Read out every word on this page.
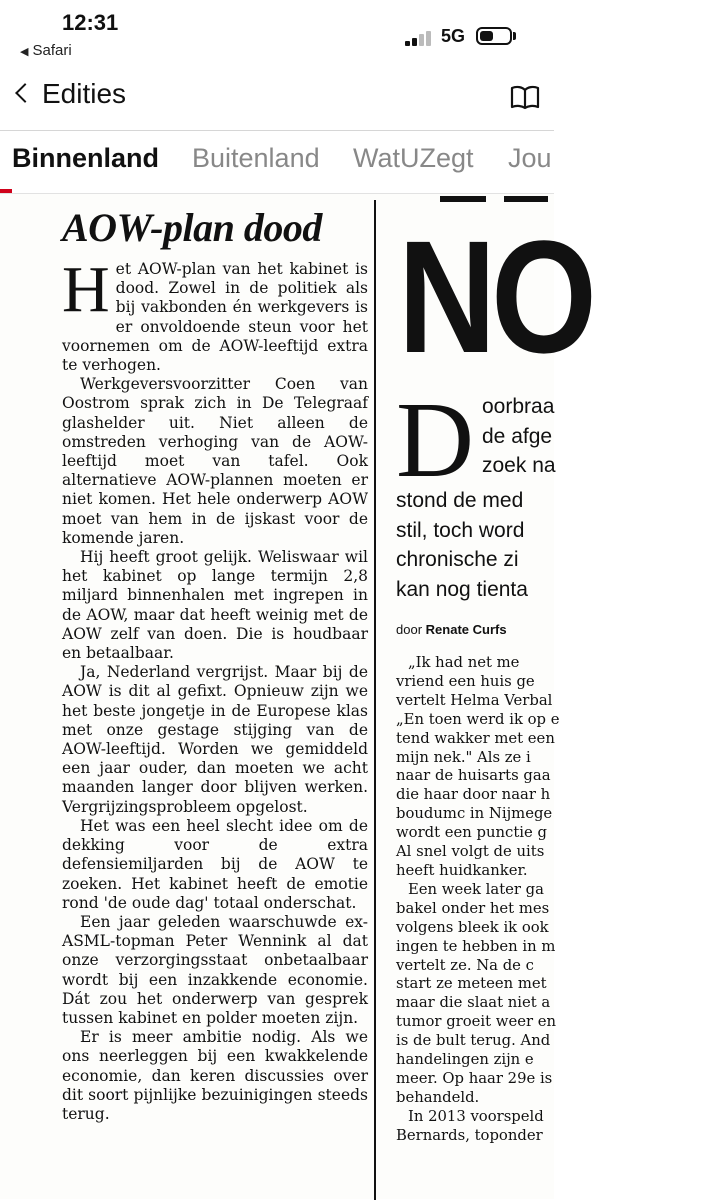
12:31
◀ Safari
5G
Edities
Binnenland Buitenland WatUZegt Jou
AOW-plan dood

Het AOW-plan van het kabinet is dood. Zowel in de politiek als bij vakbonden én werkgevers is er onvoldoende steun voor het voornemen om de AOW-leeftijd extra te verhogen.

Werkgeversvoorzitter Coen van Oostrom sprak zich in De Telegraaf glashelder uit. Niet alleen de omstreden verhoging van de AOW-leeftijd moet van tafel. Ook alternatieve AOW-plannen moeten er niet komen. Het hele onderwerp AOW moet van hem in de ijskast voor de komende jaren.

Hij heeft groot gelijk. Weliswaar wil het kabinet op lange termijn 2,8 miljard binnenhalen met ingrepen in de AOW, maar dat heeft weinig met de AOW zelf van doen. Die is houdbaar en betaalbaar.

Ja, Nederland vergrijst. Maar bij de AOW is dit al gefixt. Opnieuw zijn we het beste jongetje in de Europese klas met onze gestage stijging van de AOW-leeftijd. Worden we gemiddeld een jaar ouder, dan moeten we acht maanden langer door blijven werken. Vergrijzingsprobleem opgelost.

Het was een heel slecht idee om de dekking voor de extra defensiemiljarden bij de AOW te zoeken. Het kabinet heeft de emotie rond 'de oude dag' totaal onderschat.

Een jaar geleden waarschuwde ex-ASML-topman Peter Wennink al dat onze verzorgingsstaat onbetaalbaar wordt bij een inzakkende economie. Dát zou het onderwerp van gesprek tussen kabinet en polder moeten zijn.

Er is meer ambitie nodig. Als we ons neerleggen bij een kwakkelende economie, dan keren discussies over dit soort pijnlijke bezuinigingen steeds terug.

NO
D oorbraa
de afge
zoek na
stond de med
stil, toch word
chronische zi
kan nog tienta
door Renate Curfs
„Ik had net me
vriend een huis ge
vertelt Helma Verbal
„En toen werd ik op e
tend wakker met een
mijn nek." Als ze i
naar de huisarts gaa
die haar door naar h
boudumc in Nijmege
wordt een punctie g
Al snel volgt de uits
heeft huidkanker.
Een week later ga
bakel onder het mes
volgens bleek ik ook
ingen te hebben in m
vertelt ze. Na de c
start ze meteen met
maar die slaat niet a
tumor groeit weer en
is de bult terug. And
handelingen zijn e
meer. Op haar 29e is
behandeld.
In 2013 voorspeld
Bernards, toponder
